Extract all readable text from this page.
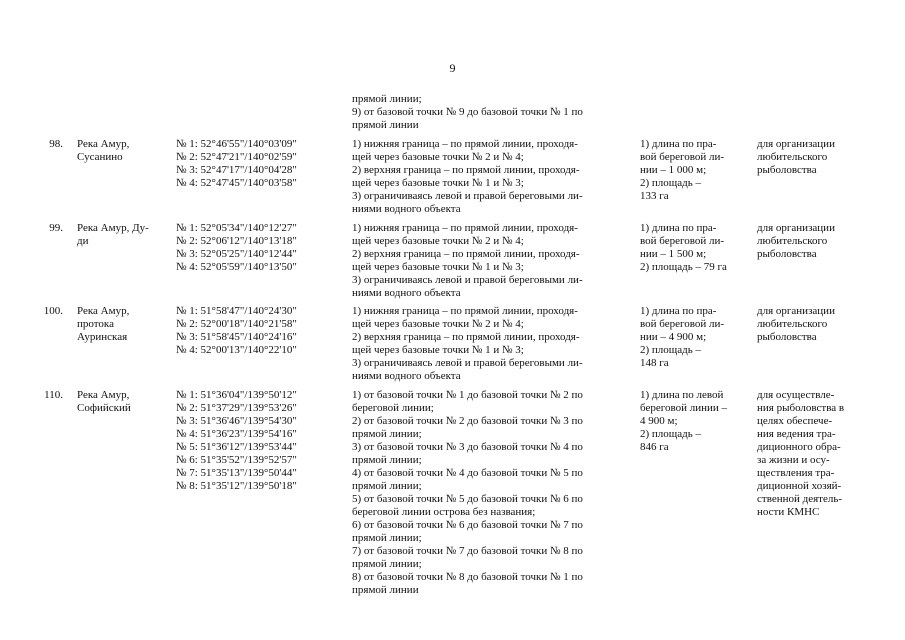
9
прямой линии;
9) от базовой точки № 9 до базовой точки № 1 по
прямой линии
98. Река Амур,
Сусанино
№ 1: 52°46'55"/140°03'09"
№ 2: 52°47'21"/140°02'59"
№ 3: 52°47'17"/140°04'28"
№ 4: 52°47'45"/140°03'58"
1) нижняя граница – по прямой линии, проходя-
щей через базовые точки № 2 и № 4;
2) верхняя граница – по прямой линии, проходя-
щей через базовые точки № 1 и № 3;
3) ограничиваясь левой и правой береговыми ли-
ниями водного объекта
1) длина по пра-
вой береговой ли-
нии – 1 000 м;
2) площадь –
133 га
для организации
любительского
рыболовства
99. Река Амур, Ду-
ди
№ 1: 52°05'34"/140°12'27"
№ 2: 52°06'12"/140°13'18"
№ 3: 52°05'25"/140°12'44"
№ 4: 52°05'59"/140°13'50"
1) нижняя граница – по прямой линии, проходя-
щей через базовые точки № 2 и № 4;
2) верхняя граница – по прямой линии, проходя-
щей через базовые точки № 1 и № 3;
3) ограничиваясь левой и правой береговыми ли-
ниями водного объекта
1) длина по пра-
вой береговой ли-
нии – 1 500 м;
2) площадь – 79 га
для организации
любительского
рыболовства
100. Река Амур,
протока
Ауринская
№ 1: 51°58'47"/140°24'30"
№ 2: 52°00'18"/140°21'58"
№ 3: 51°58'45"/140°24'16"
№ 4: 52°00'13"/140°22'10"
1) нижняя граница – по прямой линии, проходя-
щей через базовые точки № 2 и № 4;
2) верхняя граница – по прямой линии, проходя-
щей через базовые точки № 1 и № 3;
3) ограничиваясь левой и правой береговыми ли-
ниями водного объекта
1) длина по пра-
вой береговой ли-
нии – 4 900 м;
2) площадь –
148 га
для организации
любительского
рыболовства
110. Река Амур,
Софийский
№ 1: 51°36'04"/139°50'12"
№ 2: 51°37'29"/139°53'26"
№ 3: 51°36'46"/139°54'30"
№ 4: 51°36'23"/139°54'16"
№ 5: 51°36'12"/139°53'44"
№ 6: 51°35'52"/139°52'57"
№ 7: 51°35'13"/139°50'44"
№ 8: 51°35'12"/139°50'18"
1) от базовой точки № 1 до базовой точки № 2 по
береговой линии;
2) от базовой точки № 2 до базовой точки № 3 по
прямой линии;
3) от базовой точки № 3 до базовой точки № 4 по
прямой линии;
4) от базовой точки № 4 до базовой точки № 5 по
прямой линии;
5) от базовой точки № 5 до базовой точки № 6 по
береговой линии острова без названия;
6) от базовой точки № 6 до базовой точки № 7 по
прямой линии;
7) от базовой точки № 7 до базовой точки № 8 по
прямой линии;
8) от базовой точки № 8 до базовой точки № 1 по
прямой линии
1) длина по левой
береговой линии –
4 900 м;
2) площадь –
846 га
для осуществле-
ния рыболовства в
целях обеспече-
ния ведения тра-
диционного обра-
за жизни и осу-
ществления тра-
диционной хозяй-
ственной деятель-
ности КМНС
